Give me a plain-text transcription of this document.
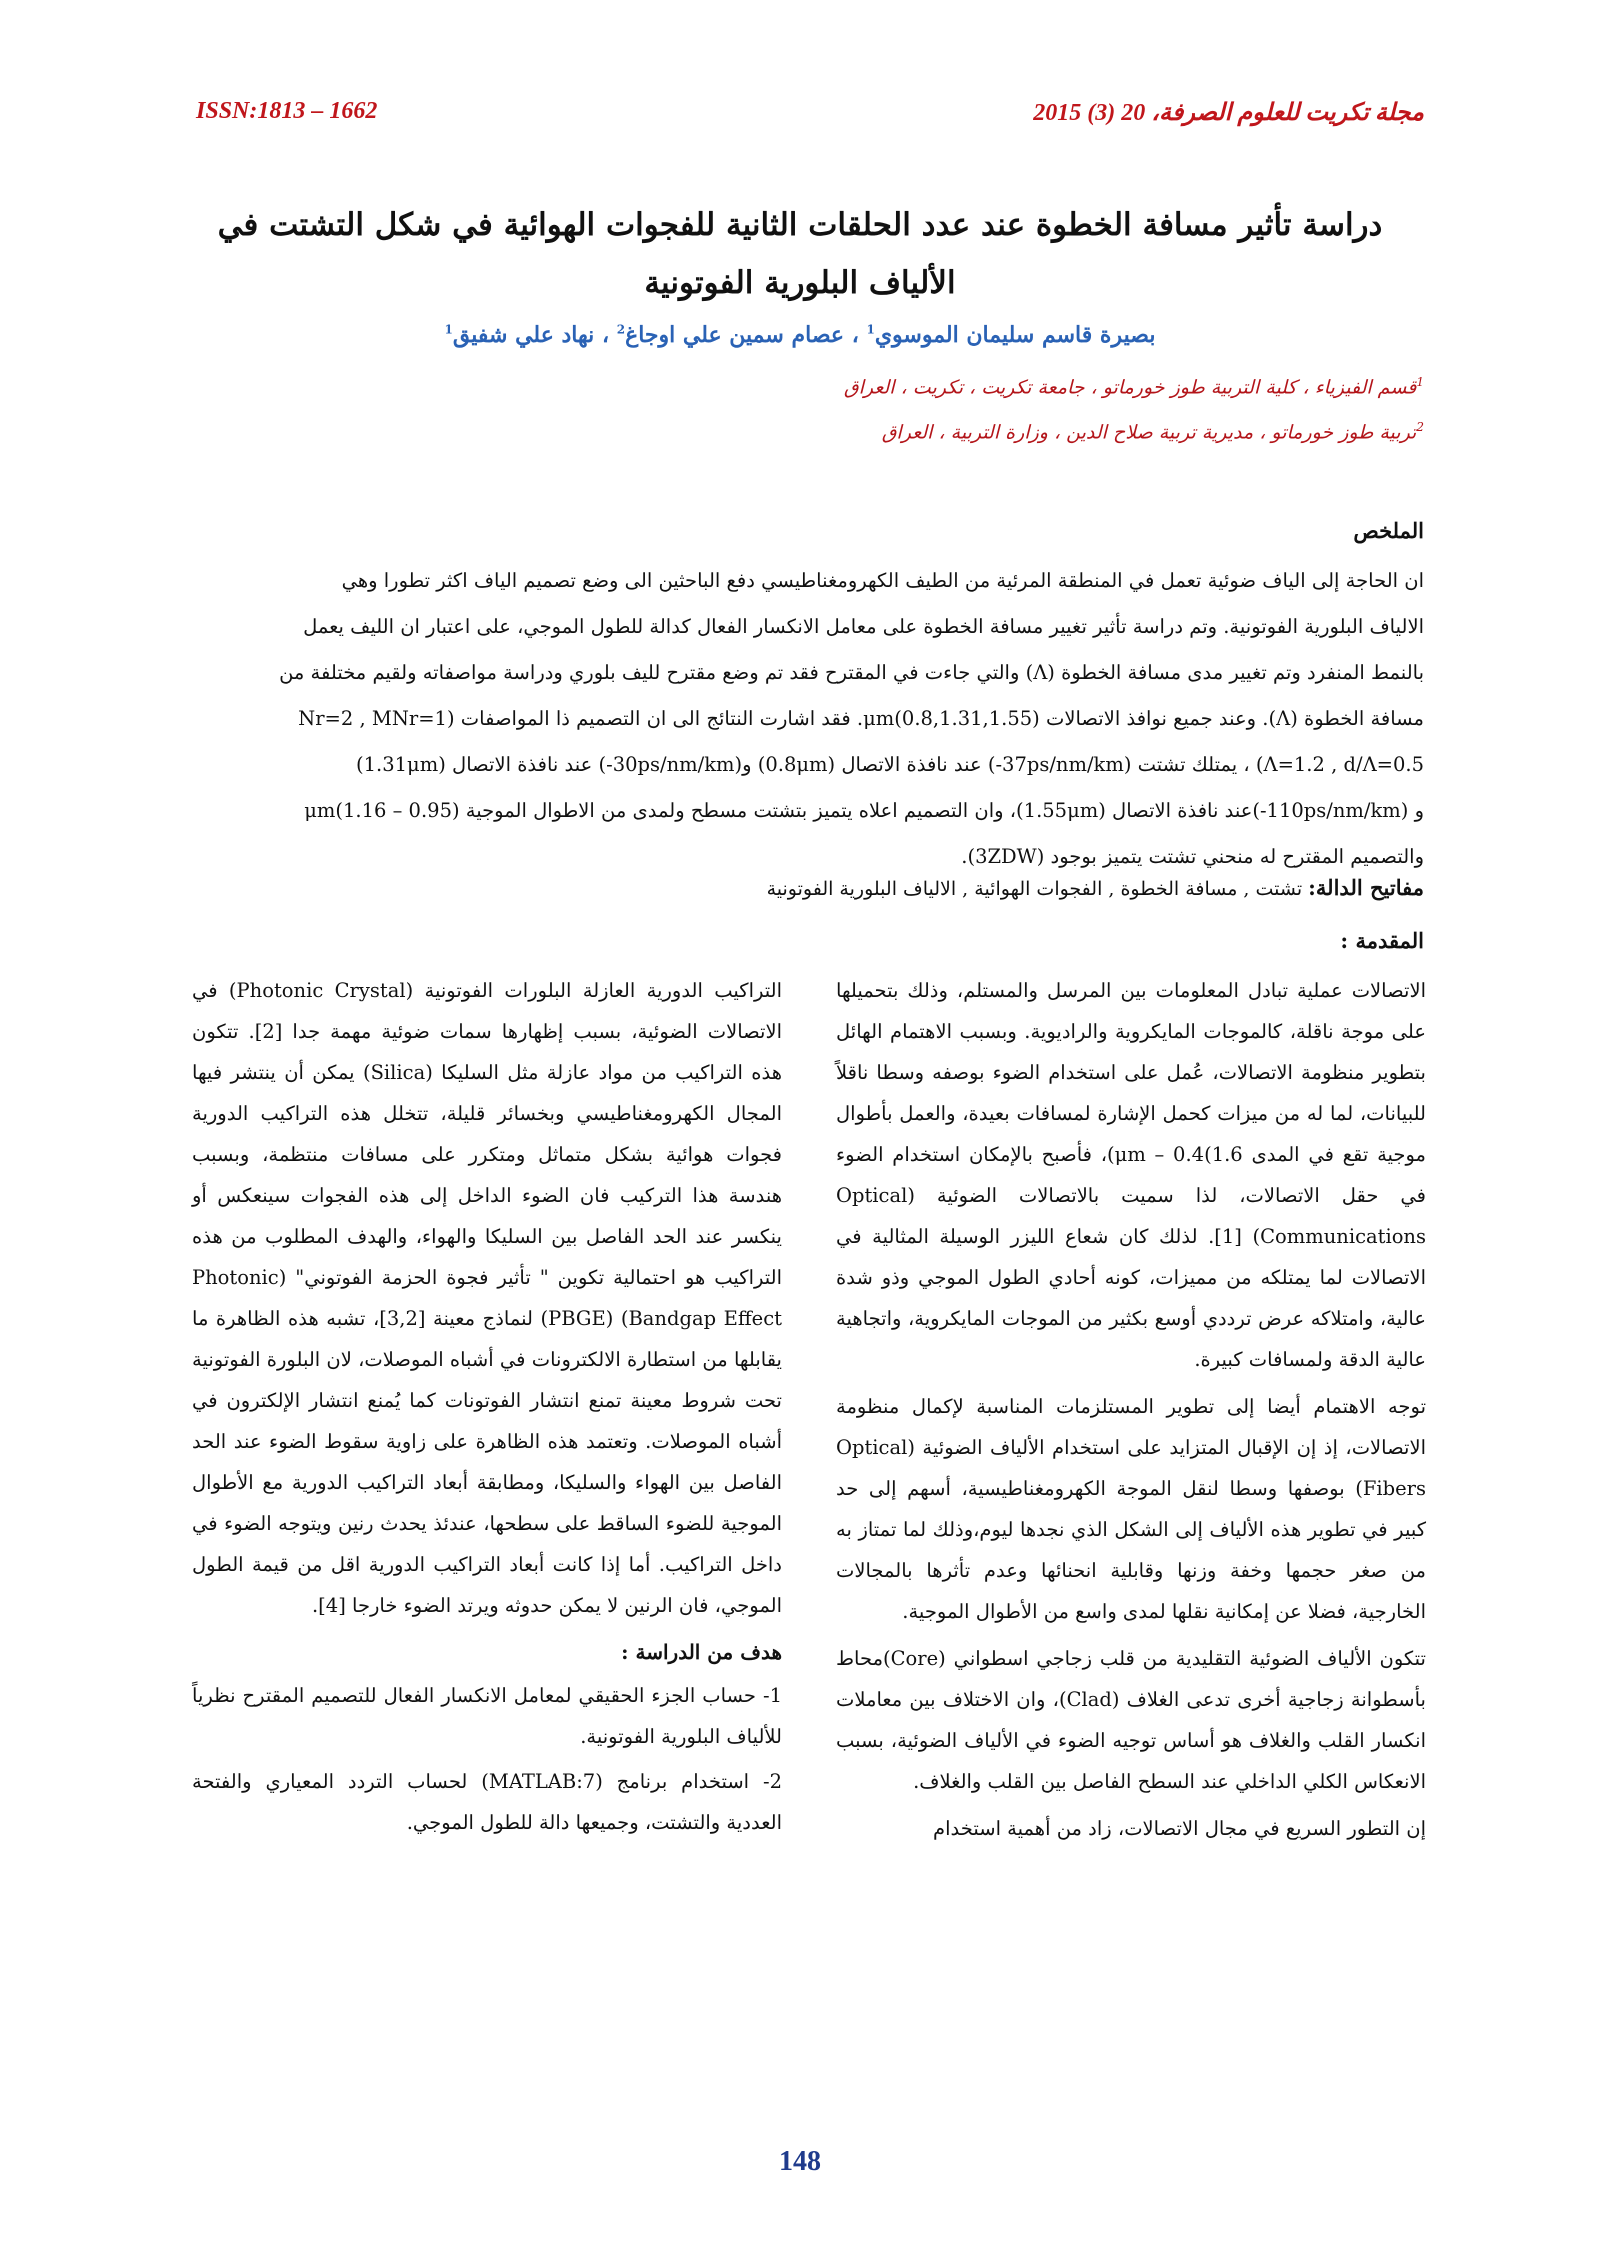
ISSN:1813 – 1662	مجلة تكريت للعلوم الصرفة، 20 (3) 2015
دراسة تأثير مسافة الخطوة عند عدد الحلقات الثانية للفجوات الهوائية في شكل التشتت في الألياف البلورية الفوتونية
بصيرة قاسم سليمان الموسوي$^1$ ، عصام سمين علي اوجاغ$^2$ ، نهاد علي شفيق$^1$
$^1$قسم الفيزياء ، كلية التربية طوز خورماتو ، جامعة تكريت ، تكريت ، العراق
$^2$تربية طوز خورماتو ، مديرية تربية صلاح الدين ، وزارة التربية ، العراق
الملخص
ان الحاجة إلى الياف ضوئية تعمل في المنطقة المرئية من الطيف الكهرومغناطيسي دفع الباحثين الى وضع تصميم الياف اكثر تطورا وهي
الالياف البلورية الفوتونية. وتم دراسة تأثير تغيير مسافة الخطوة على معامل الانكسار الفعال كدالة للطول الموجي، على اعتبار ان الليف يعمل
بالنمط المنفرد وتم تغيير مدى مسافة الخطوة (Λ) والتي جاءت في المقترح فقد تم وضع مقترح لليف بلوري ودراسة مواصفاته ولقيم مختلفة من
مسافة الخطوة (Λ). وعند جميع نوافذ الاتصالات (0.8,1.31,1.55)μm. فقد اشارت النتائج الى ان التصميم ذا المواصفات (Nr=2 , MNr=1
Λ=1.2 , d/Λ=0.5) ، يمتلك تشتت (37ps/nm/km-) عند نافذة الاتصال (0.8μm) و(30ps/nm/km-) عند نافذة الاتصال (1.31μm)
و (110ps/nm/km-)عند نافذة الاتصال (1.55μm)، وان التصميم اعلاه يتميز بتشتت مسطح ولمدى من الاطوال الموجية μm(1.16 – 0.95)
والتصميم المقترح له منحني تشتت يتميز بوجود (3ZDW).
مفاتيح الدالة: تشتت , مسافة الخطوة , الفجوات الهوائية , الالياف البلورية الفوتونية
المقدمة :

الاتصالات عملية تبادل المعلومات بين المرسل والمستلم، وذلك بتحميلها على موجة ناقلة، كالموجات المايكروية والراديوية. وبسبب الاهتمام الهائل بتطوير منظومة الاتصالات، عُمل على استخدام الضوء بوصفه وسطا ناقلاً للبيانات، لما له من ميزات كحمل الإشارة لمسافات بعيدة، والعمل بأطوال موجية تقع في المدى 1.6)μm – 0.4)، فأصبح بالإمكان استخدام الضوء في حقل الاتصالات، لذا سميت بالاتصالات الضوئية (Optical Communications) [1]. لذلك كان شعاع الليزر الوسيلة المثالية في الاتصالات لما يمتلكه من مميزات، كونه أحادي الطول الموجي وذو شدة عالية، وامتلاكه عرض ترددي أوسع بكثير من الموجات المايكروية، واتجاهية عالية الدقة ولمسافات كبيرة.

توجه الاهتمام أيضا إلى تطوير المستلزمات المناسبة لإكمال منظومة الاتصالات، إذ إن الإقبال المتزايد على استخدام الألياف الضوئية (Optical Fibers) بوصفها وسطا لنقل الموجة الكهرومغناطيسية، أسهم إلى حد كبير في تطوير هذه الألياف إلى الشكل الذي نجدها ليوم،وذلك لما تمتاز به من صغر حجمها وخفة وزنها وقابلية انحنائها وعدم تأثرها بالمجالات الخارجية، فضلا عن إمكانية نقلها لمدى واسع من الأطوال الموجية.

تتكون الألياف الضوئية التقليدية من قلب زجاجي اسطواني (Core)محاط بأسطوانة زجاجية أخرى تدعى الغلاف (Clad)، وان الاختلاف بين معاملات انكسار القلب والغلاف هو أساس توجيه الضوء في الألياف الضوئية، بسبب الانعكاس الكلي الداخلي عند السطح الفاصل بين القلب والغلاف.

إن التطور السريع في مجال الاتصالات، زاد من أهمية استخدام

التراكيب الدورية العازلة البلورات الفوتونية (Photonic Crystal) في الاتصالات الضوئية، بسبب إظهارها سمات ضوئية مهمة جدا [2]. تتكون هذه التراكيب من مواد عازلة مثل السليكا (Silica) يمكن أن ينتشر فيها المجال الكهرومغناطيسي وبخسائر قليلة، تتخلل هذه التراكيب الدورية فجوات هوائية بشكل متماثل ومتكرر على مسافات منتظمة، وبسبب هندسة هذا التركيب فان الضوء الداخل إلى هذه الفجوات سينعكس أو ينكسر عند الحد الفاصل بين السليكا والهواء، والهدف المطلوب من هذه التراكيب هو احتمالية تكوين " تأثير فجوة الحزمة الفوتوني" (Photonic Bandgap Effect) (PBGE) لنماذج معينة [3,2]، تشبه هذه الظاهرة ما يقابلها من استطارة الالكترونات في أشباه الموصلات، لان البلورة الفوتونية تحت شروط معينة تمنع انتشار الفوتونات كما يُمنع انتشار الإلكترون في أشباه الموصلات. وتعتمد هذه الظاهرة على زاوية سقوط الضوء عند الحد الفاصل بين الهواء والسليكا، ومطابقة أبعاد التراكيب الدورية مع الأطوال الموجية للضوء الساقط على سطحها، عندئذ يحدث رنين ويتوجه الضوء في داخل التراكيب. أما إذا كانت أبعاد التراكيب الدورية اقل من قيمة الطول الموجي، فان الرنين لا يمكن حدوثه ويرتد الضوء خارجا [4].

هدف من الدراسة :

1- حساب الجزء الحقيقي لمعامل الانكسار الفعال للتصميم المقترح نظرياً للألياف البلورية الفوتونية.

2- استخدام برنامج (MATLAB:7) لحساب التردد المعياري والفتحة العددية والتشتت، وجميعها دالة للطول الموجي.

148
